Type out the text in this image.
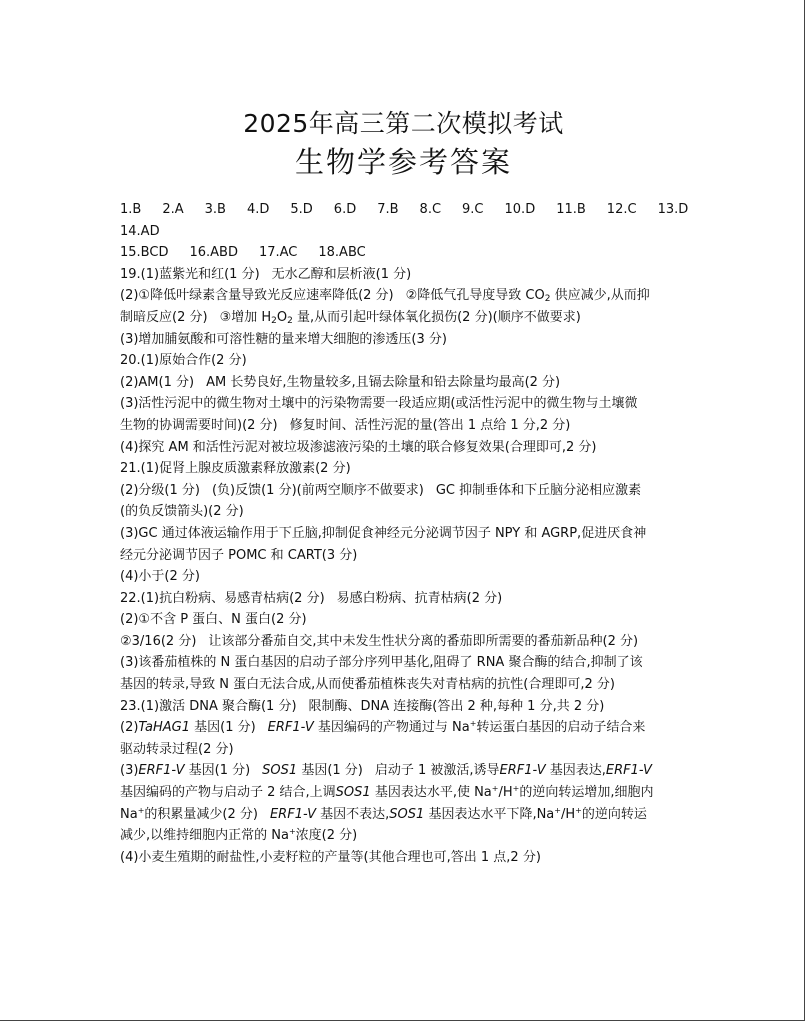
2025年高三第二次模拟考试
生物学参考答案
1.B 2.A 3.B 4.D 5.D 6.D 7.B 8.C 9.C 10.D 11.B 12.C 13.D
14.AD
15.BCD 16.ABD 17.AC 18.ABC
19.(1)蓝紫光和红(1 分) 无水乙醇和层析液(1 分)
(2)①降低叶绿素含量导致光反应速率降低(2 分) ②降低气孔导度导致 $CO_2$ 供应减少,从而抑
制暗反应(2 分) ③增加 $H_2O_2$ 量,从而引起叶绿体氧化损伤(2 分)(顺序不做要求)
(3)增加脯氨酸和可溶性糖的量来增大细胞的渗透压(3 分)
20.(1)原始合作(2 分)
(2)AM(1 分) AM 长势良好,生物量较多,且镉去除量和铅去除量均最高(2 分)
(3)活性污泥中的微生物对土壤中的污染物需要一段适应期(或活性污泥中的微生物与土壤微
生物的协调需要时间)(2 分) 修复时间、活性污泥的量(答出 1 点给 1 分,2 分)
(4)探究 AM 和活性污泥对被垃圾渗滤液污染的土壤的联合修复效果(合理即可,2 分)
21.(1)促肾上腺皮质激素释放激素(2 分)
(2)分级(1 分) (负)反馈(1 分)(前两空顺序不做要求) GC 抑制垂体和下丘脑分泌相应激素
(的负反馈箭头)(2 分)
(3)GC 通过体液运输作用于下丘脑,抑制促食神经元分泌调节因子 NPY 和 AGRP,促进厌食神
经元分泌调节因子 POMC 和 CART(3 分)
(4)小于(2 分)
22.(1)抗白粉病、易感青枯病(2 分) 易感白粉病、抗青枯病(2 分)
(2)①不含 P 蛋白、N 蛋白(2 分)
②3/16(2 分) 让该部分番茄自交,其中未发生性状分离的番茄即所需要的番茄新品种(2 分)
(3)该番茄植株的 N 蛋白基因的启动子部分序列甲基化,阻碍了 RNA 聚合酶的结合,抑制了该
基因的转录,导致 N 蛋白无法合成,从而使番茄植株丧失对青枯病的抗性(合理即可,2 分)
23.(1)激活 DNA 聚合酶(1 分) 限制酶、DNA 连接酶(答出 2 种,每种 1 分,共 2 分)
(2)TaHAG1 基因(1 分) ERF1-V 基因编码的产物通过与 Na+转运蛋白基因的启动子结合来
驱动转录过程(2 分)
(3)ERF1-V 基因(1 分) SOS1 基因(1 分) 启动子 1 被激活,诱导ERF1-V 基因表达,ERF1-V
基因编码的产物与启动子 2 结合,上调SOS1 基因表达水平,使 Na+/H+的逆向转运增加,细胞内
Na+的积累量减少(2 分) ERF1-V 基因不表达,SOS1 基因表达水平下降,Na+/H+的逆向转运
减少,以维持细胞内正常的 Na+浓度(2 分)
(4)小麦生殖期的耐盐性,小麦籽粒的产量等(其他合理也可,答出 1 点,2 分)
